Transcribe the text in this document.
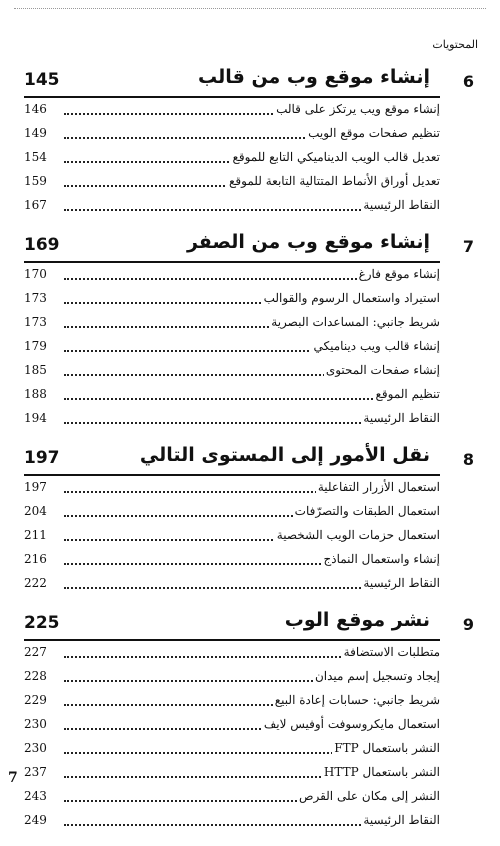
المحتويات
6
إنشاء موقع وب من قالب
145
إنشاء موقع ويب يرتكز على قالب
146
تنظيم صفحات موقع الويب
149
تعديل قالب الويب الديناميكي التابع للموقع
154
تعديل أوراق الأنماط المتتالية التابعة للموقع
159
النقاط الرئيسية
167
7
إنشاء موقع وب من الصفر
169
إنشاء موقع فارغ
170
استيراد واستعمال الرسوم والقوالب
173
شريط جانبي: المساعدات البصرية
173
إنشاء قالب ويب ديناميكي
179
إنشاء صفحات المحتوى
185
تنظيم الموقع
188
النقاط الرئيسية
194
8
نقل الأمور إلى المستوى التالي
197
استعمال الأزرار التفاعلية
197
استعمال الطبقات والتصرّفات
204
استعمال حزمات الويب الشخصية
211
إنشاء واستعمال النماذج
216
النقاط الرئيسية
222
9
نشر موقع الوب
225
متطلبات الاستضافة
227
إيجاد وتسجيل إسم ميدان
228
شريط جانبي: حسابات إعادة البيع
229
استعمال مايكروسوفت أوفيس لايف
230
النشر باستعمال FTP
230
النشر باستعمال HTTP
237
النشر إلى مكان على القرص
243
النقاط الرئيسية
249
7
